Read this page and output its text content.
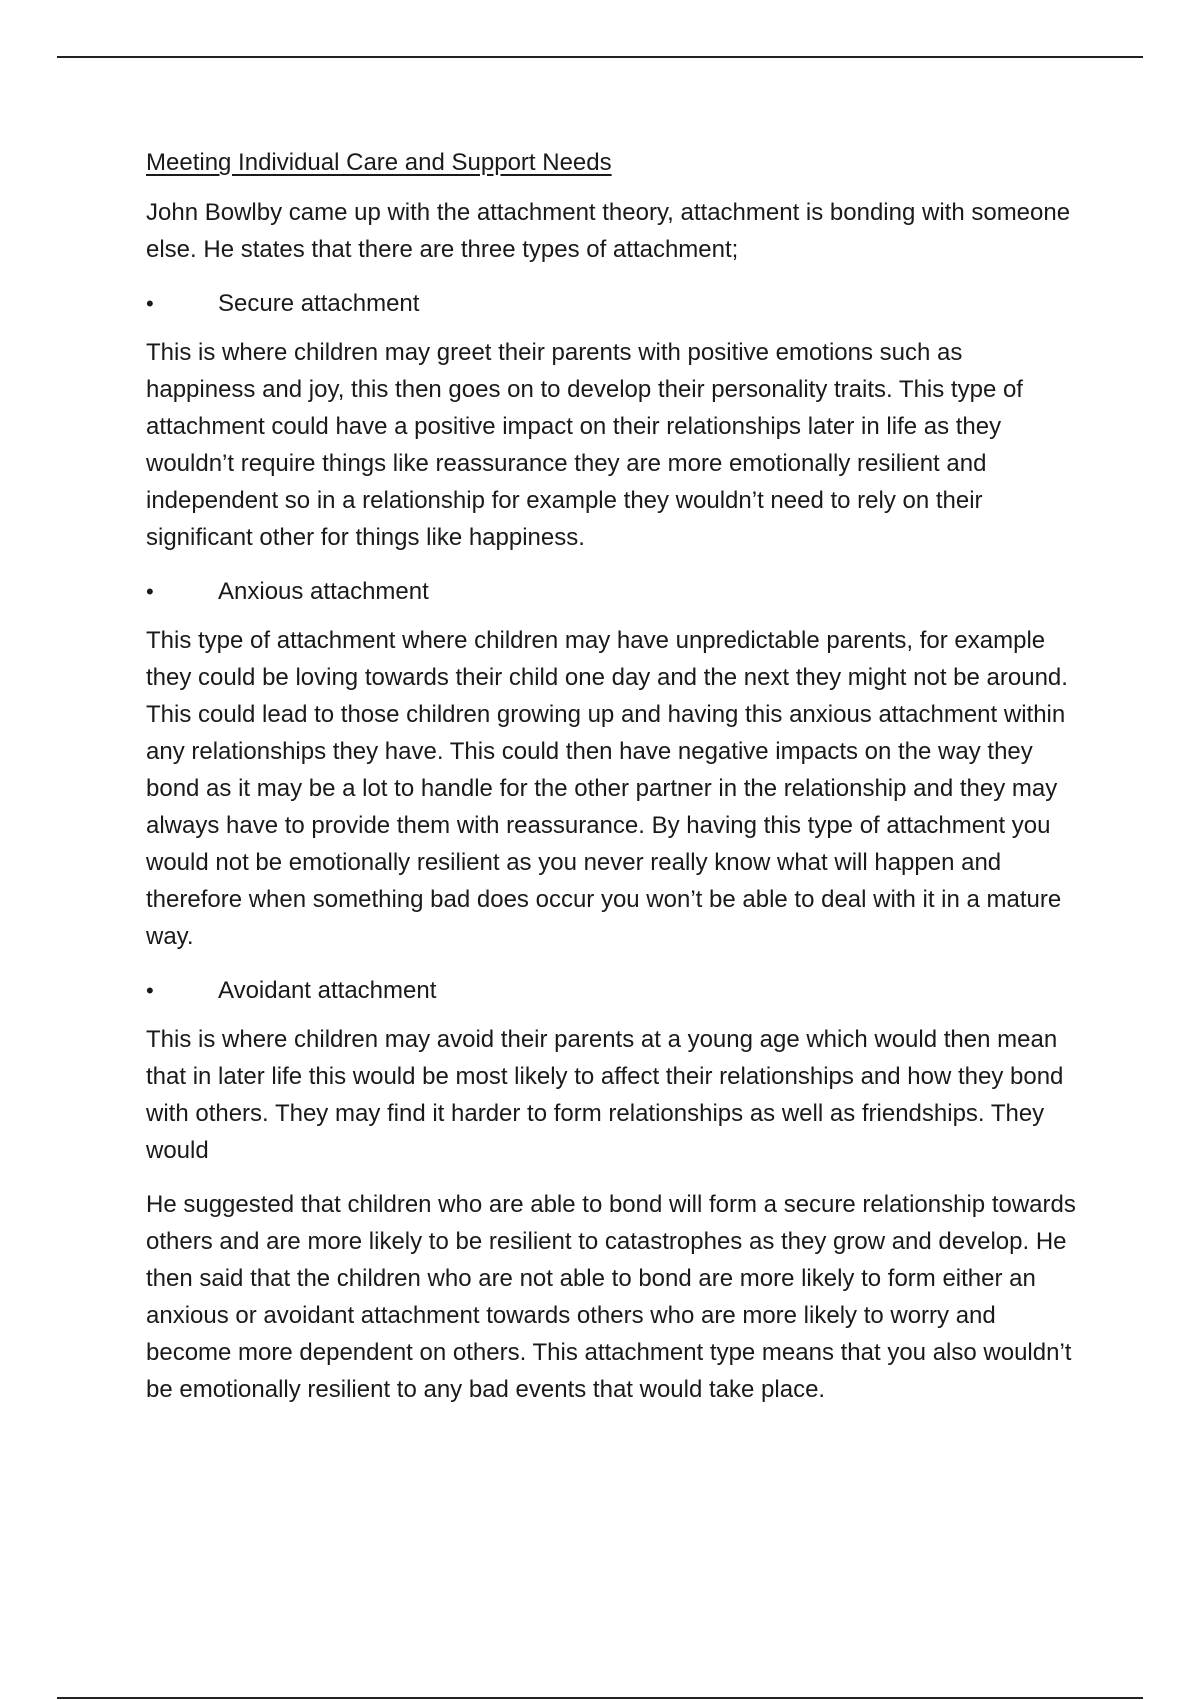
Meeting Individual Care and Support Needs

John Bowlby came up with the attachment theory, attachment is bonding with someone else. He states that there are three types of attachment;

•	Secure attachment

This is where children may greet their parents with positive emotions such as happiness and joy, this then goes on to develop their personality traits. This type of attachment could have a positive impact on their relationships later in life as they wouldn’t require things like reassurance they are more emotionally resilient and independent so in a relationship for example they wouldn’t need to rely on their significant other for things like happiness.

•	Anxious attachment

This type of attachment where children may have unpredictable parents, for example they could be loving towards their child one day and the next they might not be around. This could lead to those children growing up and having this anxious attachment within any relationships they have. This could then have negative impacts on the way they bond as it may be a lot to handle for the other partner in the relationship and they may always have to provide them with reassurance. By having this type of attachment you would not be emotionally resilient as you never really know what will happen and therefore when something bad does occur you won’t be able to deal with it in a mature way.

•	Avoidant attachment

This is where children may avoid their parents at a young age which would then mean that in later life this would be most likely to affect their relationships and how they bond with others. They may find it harder to form relationships as well as friendships. They would

He suggested that children who are able to bond will form a secure relationship towards others and are more likely to be resilient to catastrophes as they grow and develop. He then said that the children who are not able to bond are more likely to form either an anxious or avoidant attachment towards others who are more likely to worry and become more dependent on others. This attachment type means that you also wouldn’t be emotionally resilient to any bad events that would take place.
